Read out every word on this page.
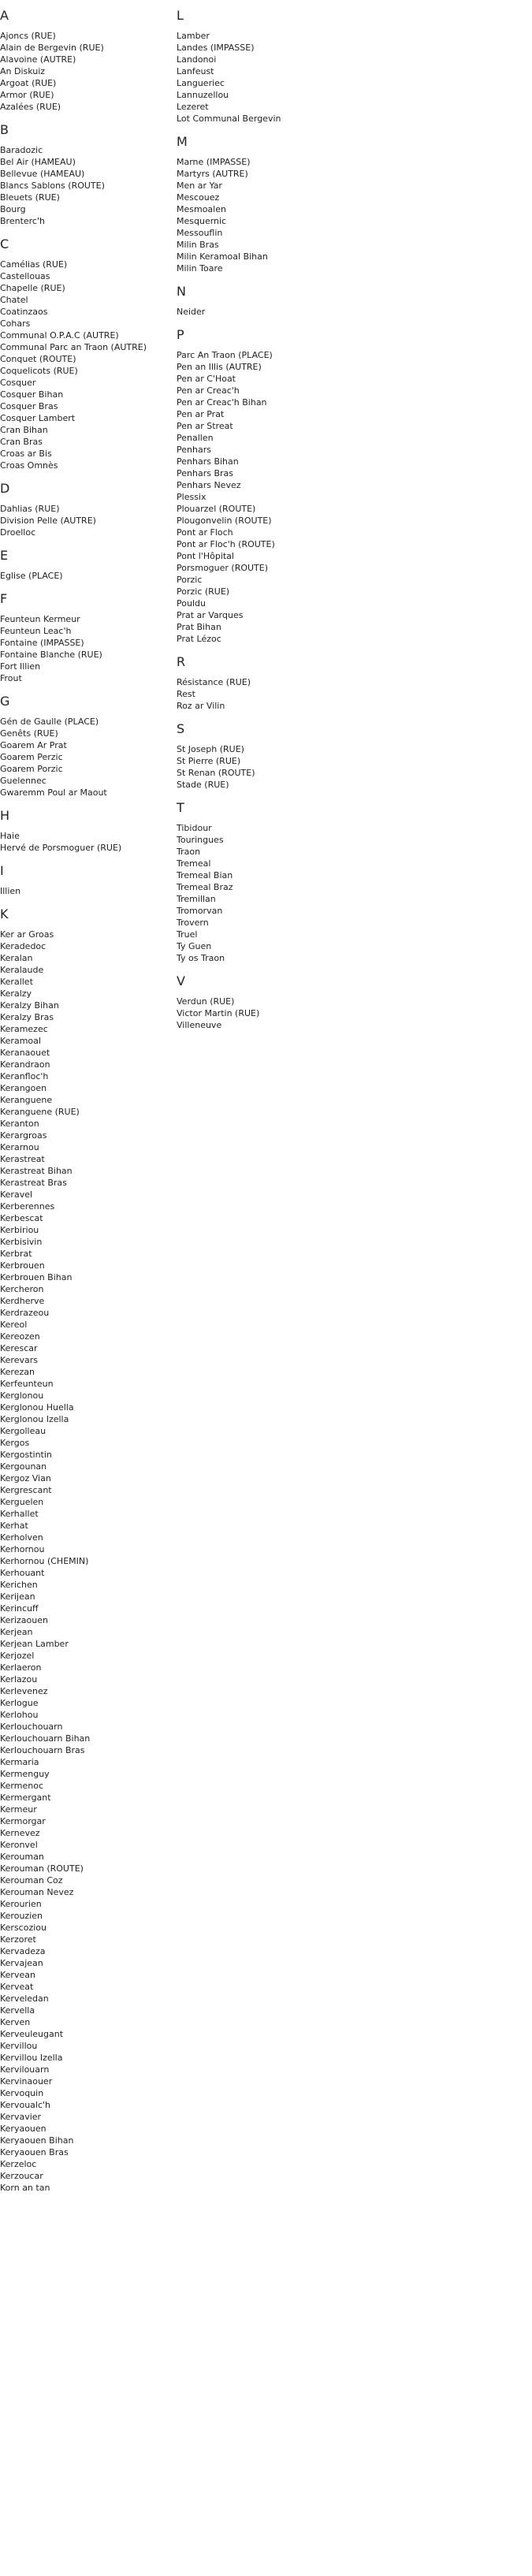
A
Ajoncs (RUE)
Alain de Bergevin (RUE)
Alavoine (AUTRE)
An Diskuiz
Argoat (RUE)
Armor (RUE)
Azalées (RUE)
B
Baradozic
Bel Air (HAMEAU)
Bellevue (HAMEAU)
Blancs Sablons (ROUTE)
Bleuets (RUE)
Bourg
Brenterc'h
C
Camélias (RUE)
Castellouas
Chapelle (RUE)
Chatel
Coatinzaos
Cohars
Communal O.P.A.C (AUTRE)
Communal Parc an Traon (AUTRE)
Conquet (ROUTE)
Coquelicots (RUE)
Cosquer
Cosquer Bihan
Cosquer Bras
Cosquer Lambert
Cran Bihan
Cran Bras
Croas ar Bis
Croas Omnès
D
Dahlias (RUE)
Division Pelle (AUTRE)
Droelloc
E
Eglise (PLACE)
F
Feunteun Kermeur
Feunteun Leac'h
Fontaine (IMPASSE)
Fontaine Blanche (RUE)
Fort Illien
Frout
G
Gén de Gaulle (PLACE)
Genêts (RUE)
Goarem Ar Prat
Goarem Perzic
Goarem Porzic
Guelennec
Gwaremm Poul ar Maout
H
Haie
Hervé de Porsmoguer (RUE)
I
Illien
K
Ker ar Groas
Keradedoc
Keralan
Keralaude
Kerallet
Keralzy
Keralzy Bihan
Keralzy Bras
Keramezec
Keramoal
Keranaouet
Kerandraon
Keranfloc'h
Kerangoen
Keranguene
Keranguene (RUE)
Keranton
Kerargroas
Kerarnou
Kerastreat
Kerastreat Bihan
Kerastreat Bras
Keravel
Kerberennes
Kerbescat
Kerbiriou
Kerbisivin
Kerbrat
Kerbrouen
Kerbrouen Bihan
Kercheron
Kerdherve
Kerdrazeou
Kereol
Kereozen
Kerescar
Kerevars
Kerezan
Kerfeunteun
Kerglonou
Kerglonou Huella
Kerglonou Izella
Kergolleau
Kergos
Kergostintin
Kergounan
Kergoz Vian
Kergrescant
Kerguelen
Kerhallet
Kerhat
Kerholven
Kerhornou
Kerhornou (CHEMIN)
Kerhouant
Kerichen
Kerijean
Kerincuff
Kerizaouen
Kerjean
Kerjean Lamber
Kerjozel
Kerlaeron
Kerlazou
Kerlevenez
Kerlogue
Kerlohou
Kerlouchouarn
Kerlouchouarn Bihan
Kerlouchouarn Bras
Kermaria
Kermenguy
Kermenoc
Kermergant
Kermeur
Kermorgar
Kernevez
Keronvel
Kerouman
Kerouman (ROUTE)
Kerouman Coz
Kerouman Nevez
Kerourien
Kerouzien
Kerscoziou
Kerzoret
Kervadeza
Kervajean
Kervean
Kerveat
Kerveledan
Kervella
Kerven
Kerveuleugant
Kervillou
Kervillou Izella
Kervilouarn
Kervinaouer
Kervoquin
Kervoualc'h
Kervavier
Keryaouen
Keryaouen Bihan
Keryaouen Bras
Kerzeloc
Kerzoucar
Korn an tan
L
Lamber
Landes (IMPASSE)
Landonoi
Lanfeust
Langueriec
Lannuzellou
Lezeret
Lot Communal Bergevin
M
Marne (IMPASSE)
Martyrs (AUTRE)
Men ar Yar
Mescouez
Mesmoalen
Mesquernic
Messouflin
Milin Bras
Milin Keramoal Bihan
Milin Toare
N
Neider
P
Parc An Traon (PLACE)
Pen an Illis (AUTRE)
Pen ar C'Hoat
Pen ar Creac'h
Pen ar Creac'h Bihan
Pen ar Prat
Pen ar Streat
Penallen
Penhars
Penhars Bihan
Penhars Bras
Penhars Nevez
Plessix
Plouarzel (ROUTE)
Plougonvelin (ROUTE)
Pont ar Floch
Pont ar Floc'h (ROUTE)
Pont l'Hôpital
Porsmoguer (ROUTE)
Porzic
Porzic (RUE)
Pouldu
Prat ar Varques
Prat Bihan
Prat Lézoc
R
Résistance (RUE)
Rest
Roz ar Vilin
S
St Joseph (RUE)
St Pierre (RUE)
St Renan (ROUTE)
Stade (RUE)
T
Tibidour
Touringues
Traon
Tremeal
Tremeal Bian
Tremeal Braz
Tremillan
Tromorvan
Trovern
Truel
Ty Guen
Ty os Traon
V
Verdun (RUE)
Victor Martin (RUE)
Villeneuve
